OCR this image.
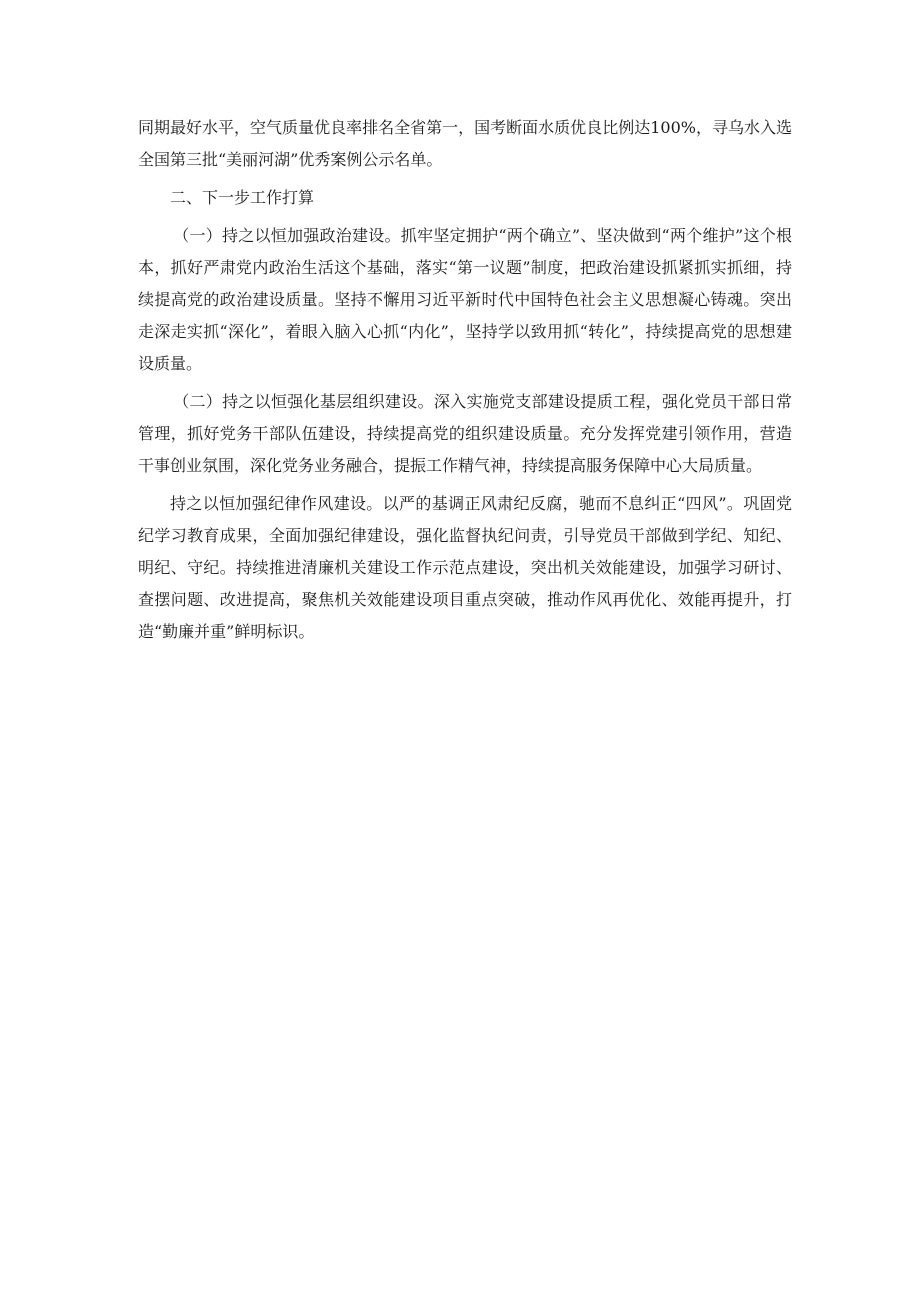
同期最好水平，空气质量优良率排名全省第一，国考断面水质优良比例达100%，寻乌水入选全国第三批“美丽河湖”优秀案例公示名单。

二、下一步工作打算

（一）持之以恒加强政治建设。抓牢坚定拥护“两个确立”、坚决做到“两个维护”这个根本，抓好严肃党内政治生活这个基础，落实“第一议题”制度，把政治建设抓紧抓实抓细，持续提高党的政治建设质量。坚持不懈用习近平新时代中国特色社会主义思想凝心铸魂。突出走深走实抓“深化”，着眼入脑入心抓“内化”，坚持学以致用抓“转化”，持续提高党的思想建设质量。

（二）持之以恒强化基层组织建设。深入实施党支部建设提质工程，强化党员干部日常管理，抓好党务干部队伍建设，持续提高党的组织建设质量。充分发挥党建引领作用，营造干事创业氛围，深化党务业务融合，提振工作精气神，持续提高服务保障中心大局质量。

持之以恒加强纪律作风建设。以严的基调正风肃纪反腐，驰而不息纠正“四风”。巩固党纪学习教育成果，全面加强纪律建设，强化监督执纪问责，引导党员干部做到学纪、知纪、明纪、守纪。持续推进清廉机关建设工作示范点建设，突出机关效能建设，加强学习研讨、查摆问题、改进提高，聚焦机关效能建设项目重点突破，推动作风再优化、效能再提升，打造“勤廉并重”鲜明标识。
